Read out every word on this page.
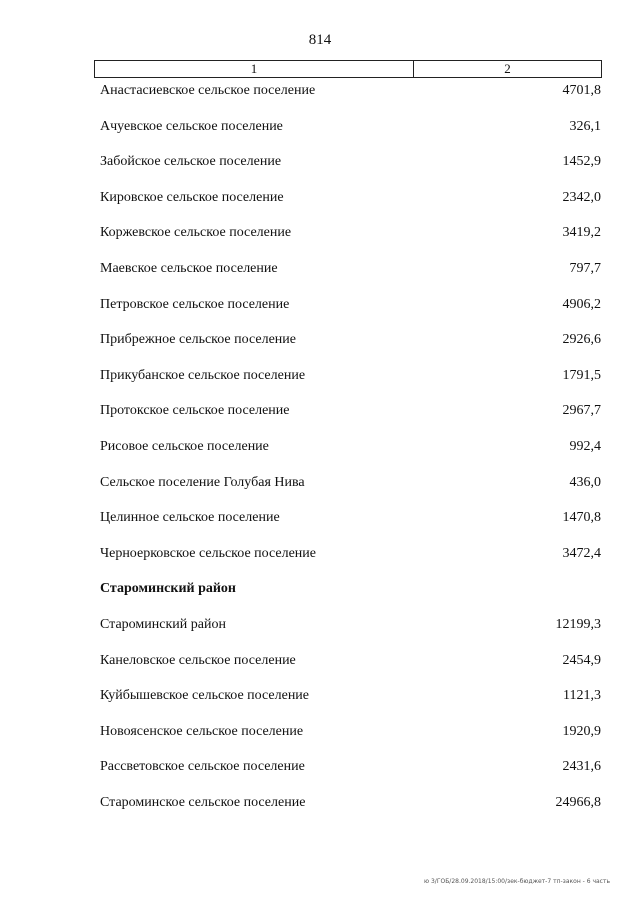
814
1	2
Анастасиевское сельское поселение	4701,8
Ачуевское сельское поселение	326,1
Забойское сельское поселение	1452,9
Кировское сельское поселение	2342,0
Коржевское сельское поселение	3419,2
Маевское сельское поселение	797,7
Петровское сельское поселение	4906,2
Прибрежное сельское поселение	2926,6
Прикубанское сельское поселение	1791,5
Протокское сельское поселение	2967,7
Рисовое сельское поселение	992,4
Сельское поселение Голубая Нива	436,0
Целинное сельское поселение	1470,8
Черноерковское сельское поселение	3472,4
Староминский район
Староминский район	12199,3
Канеловское сельское поселение	2454,9
Куйбышевское сельское поселение	1121,3
Новоясенское сельское поселение	1920,9
Рассветовское сельское поселение	2431,6
Староминское сельское поселение	24966,8
ю 3/ГОБ/28.09.2018/15:00/зек-бюджет-7 тп-закон - 6 часть
